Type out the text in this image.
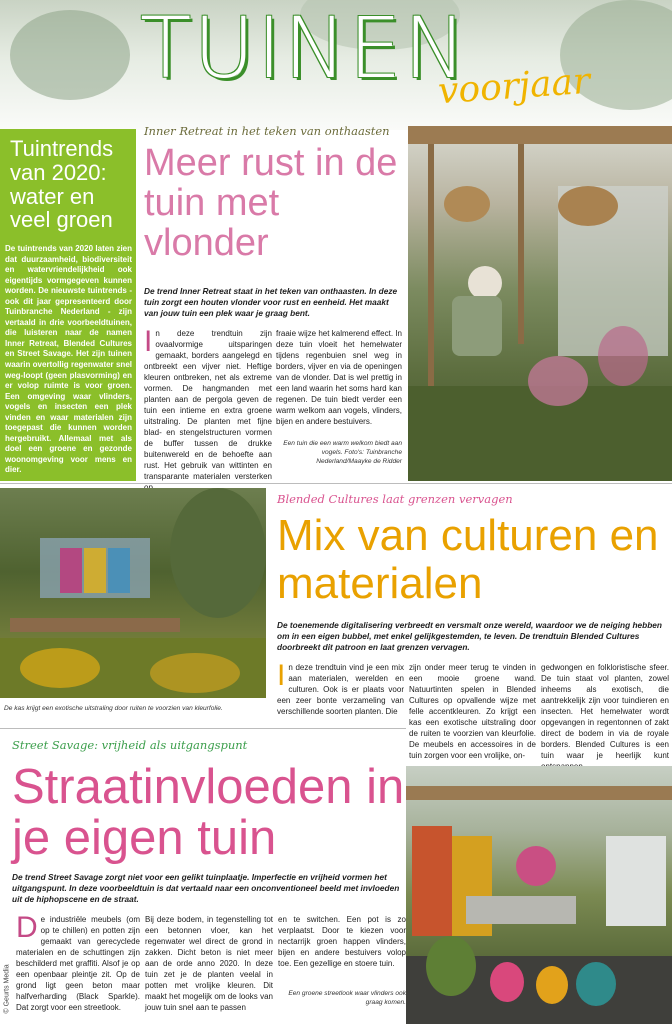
TUINEN
voorjaar
Tuintrends van 2020: water en veel groen
De tuintrends van 2020 laten zien dat duurzaamheid, biodiversiteit en watervriendelijkheid ook eigentijds vormgegeven kunnen worden. De nieuwste tuintrends - ook dit jaar gepresenteerd door Tuinbranche Nederland - zijn vertaald in drie voorbeeldtuinen, die luisteren naar de namen Inner Retreat, Blended Cultures en Street Savage. Het zijn tuinen waarin overtollig regenwater snel weg-loopt (geen plasvorming) en er volop ruimte is voor groen. Een omgeving waar vlinders, vogels en insecten een plek vinden en waar materialen zijn toegepast die kunnen worden hergebruikt. Allemaal met als doel een groene en gezonde woonomgeving voor mens en dier.
Inner Retreat in het teken van onthaasten
Meer rust in de tuin met vlonder
De trend Inner Retreat staat in het teken van onthaasten. In deze tuin zorgt een houten vlonder voor rust en eenheid. Het maakt van jouw tuin een plek waar je graag bent.
In deze trendtuin zijn ovaalvormige uitsparingen gemaakt, borders aangelegd en ontbreekt een vijver niet. Heftige kleuren ontbreken, net als extreme vormen. De hangmanden met planten aan de pergola geven de tuin een intieme en extra groene uitstraling. De planten met fijne blad- en stengelstructuren vormen de buffer tussen de drukke buitenwereld en de behoefte aan rust. Het gebruik van wittinten en transparante materialen versterken
fraaie wijze het kalmerend effect. In deze tuin vloeit het hemelwater tijdens regenbuien snel weg in borders, vijver en via de openingen van de vlonder. Dat is wel prettig in een land waarin het soms hard kan regenen. De tuin biedt verder een warm welkom aan vogels, vlinders, bijen en andere bestuivers.
Een tuin die een warm welkom biedt aan vogels. Foto's: Tuinbranche Nederland/Maayke de Ridder
De kas krijgt een exotische uitstraling door ruiten te voorzien van kleurfolie.
Blended Cultures laat grenzen vervagen
Mix van culturen en materialen
De toenemende digitalisering verbreedt en versmalt onze wereld, waardoor we de neiging hebben om in een eigen bubbel, met enkel gelijkgestemden, te leven. De trendtuin Blended Cultures doorbreekt dit patroon en laat grenzen vervagen.
In deze trendtuin vind je een mix aan materialen, werelden en culturen. Ook is er plaats voor een zeer bonte verzameling van verschillende soorten planten. Die
zijn onder meer terug te vinden in een mooie groene wand. Natuurtinten spelen in Blended Cultures op opvallende wijze met felle accentkleuren. Zo krijgt een kas een exotische uitstraling door de ruiten te voorzien van kleurfolie. De meubels en accessoires in de tuin zorgen voor een vrolijke, on-
gedwongen en folkloristische sfeer. De tuin staat vol planten, zowel inheems als exotisch, die aantrekkelijk zijn voor tuindieren en insecten. Het hemelwater wordt opgevangen in regentonnen of zakt direct de bodem in via de royale borders. Blended Cultures is een tuin waar je heerlijk kunt
Street Savage: vrijheid als uitgangspunt
Straatinvloeden in je eigen tuin
De trend Street Savage zorgt niet voor een gelikt tuinplaatje. Imperfectie en vrijheid vormen het uitgangspunt. In deze voorbeeldtuin is dat vertaald naar een onconventioneel beeld met invloeden uit de hiphopscene en de straat.
De industriële meubels (om op te chillen) en potten zijn gemaakt van gerecyclede materialen en de schuttingen zijn beschilderd met graffiti. Alsof je op een openbaar pleintje zit. Op de grond ligt geen beton maar halfverharding (Black Sparkle). Dat zorgt voor een streetlook.
Bij deze bodem, in tegenstelling tot een betonnen vloer, kan het regenwater wel direct de grond in zakken. Dicht beton is niet meer aan de orde anno 2020. In deze tuin zet je de planten veelal in potten met vrolijke kleuren. Dit maakt het mogelijk om de looks van jouw tuin snel aan te passen
en te switchen. Een pot is zo verplaatst. Door te kiezen voor nectarrijk groen happen vlinders, bijen en andere bestuivers volop toe. Een gezellige en stoere tuin.
Een groene streetlook waar vlinders ook graag komen.
© Geurts Media
